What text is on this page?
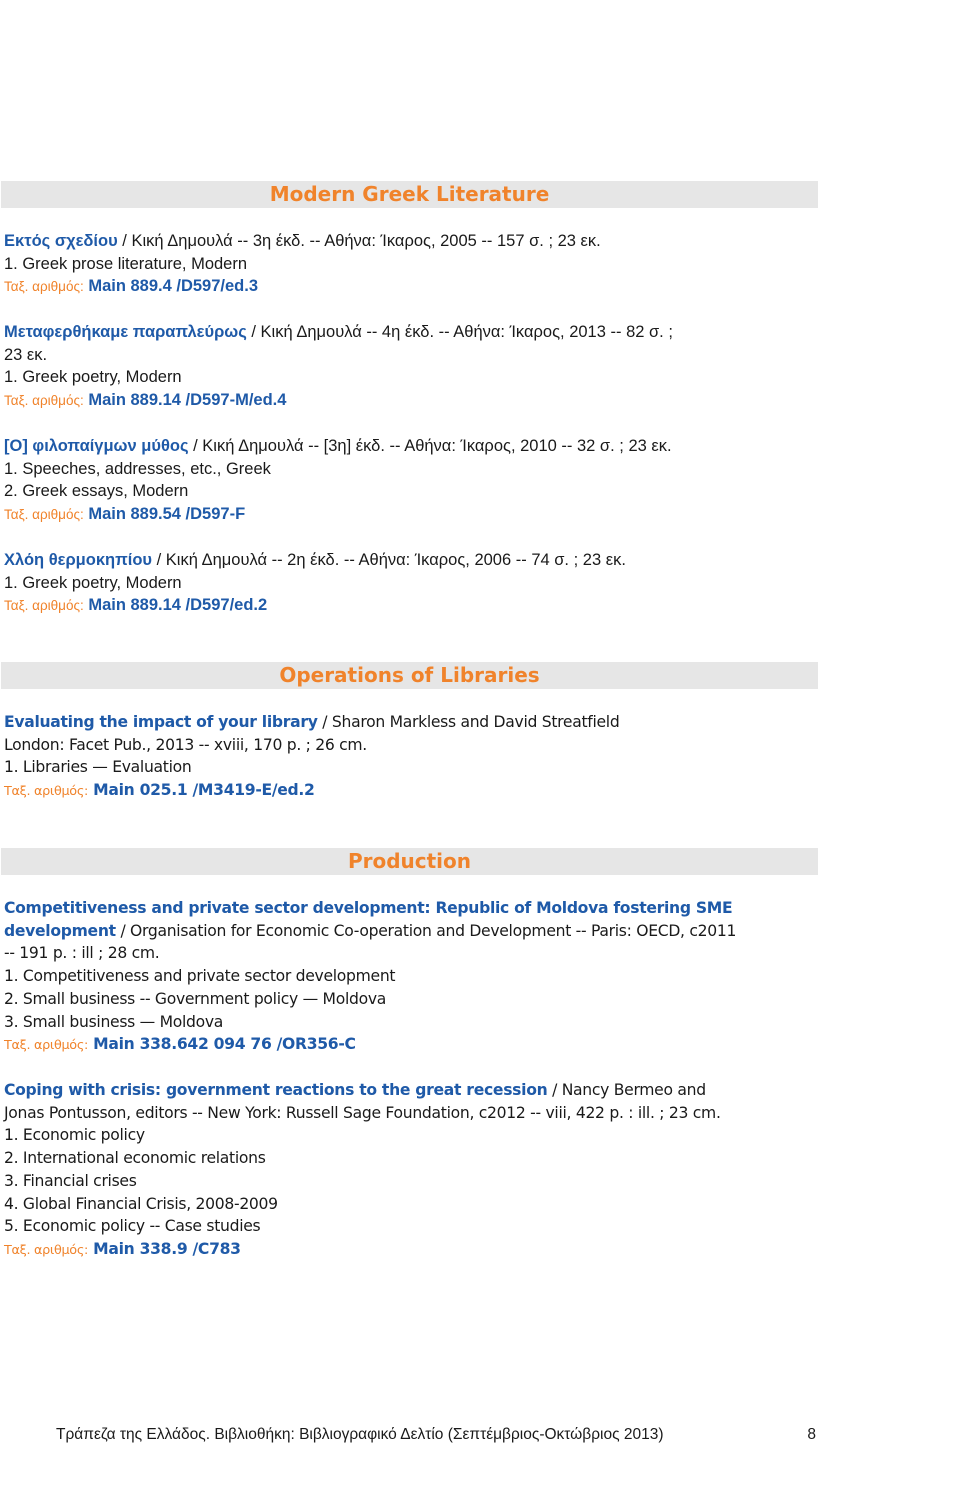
Modern Greek Literature
Εκτός σχεδίου / Κική Δημουλά -- 3η έκδ. -- Αθήνα: Ίκαρος, 2005 -- 157 σ. ; 23 εκ.
1. Greek prose literature, Modern
Ταξ. αριθμός: Main 889.4 /D597/ed.3
Μεταφερθήκαμε παραπλεύρως / Κική Δημουλά -- 4η έκδ. -- Αθήνα: Ίκαρος, 2013 -- 82 σ. ;
23 εκ.
1. Greek poetry, Modern
Ταξ. αριθμός: Main 889.14 /D597-M/ed.4
[Ο] φιλοπαίγμων μύθος / Κική Δημουλά -- [3η] έκδ. -- Αθήνα: Ίκαρος, 2010 -- 32 σ. ; 23 εκ.
1. Speeches, addresses, etc., Greek
2. Greek essays, Modern
Ταξ. αριθμός: Main 889.54 /D597-F
Χλόη θερμοκηπίου / Κική Δημουλά -- 2η έκδ. -- Αθήνα: Ίκαρος, 2006 -- 74 σ. ; 23 εκ.
1. Greek poetry, Modern
Ταξ. αριθμός: Main 889.14 /D597/ed.2
Operations of Libraries
Evaluating the impact of your library / Sharon Markless and David Streatfield
London: Facet Pub., 2013 -- xviii, 170 p. ; 26 cm.
1. Libraries — Evaluation
Ταξ. αριθμός: Main 025.1 /M3419-E/ed.2
Production
Competitiveness and private sector development: Republic of Moldova fostering SME
development / Organisation for Economic Co-operation and Development -- Paris: OECD, c2011
-- 191 p. : ill ; 28 cm.
1. Competitiveness and private sector development
2. Small business -- Government policy — Moldova
3. Small business — Moldova
Ταξ. αριθμός: Main 338.642 094 76 /OR356-C
Coping with crisis: government reactions to the great recession / Nancy Bermeo and
Jonas Pontusson, editors -- New York: Russell Sage Foundation, c2012 -- viii, 422 p. : ill. ; 23 cm.
1. Economic policy
2. International economic relations
3. Financial crises
4. Global Financial Crisis, 2008-2009
5. Economic policy -- Case studies
Ταξ. αριθμός: Main 338.9 /C783
Τράπεζα της Ελλάδος. Βιβλιοθήκη: Βιβλιογραφικό Δελτίο (Σεπτέμβριος-Οκτώβριος 2013)	8
